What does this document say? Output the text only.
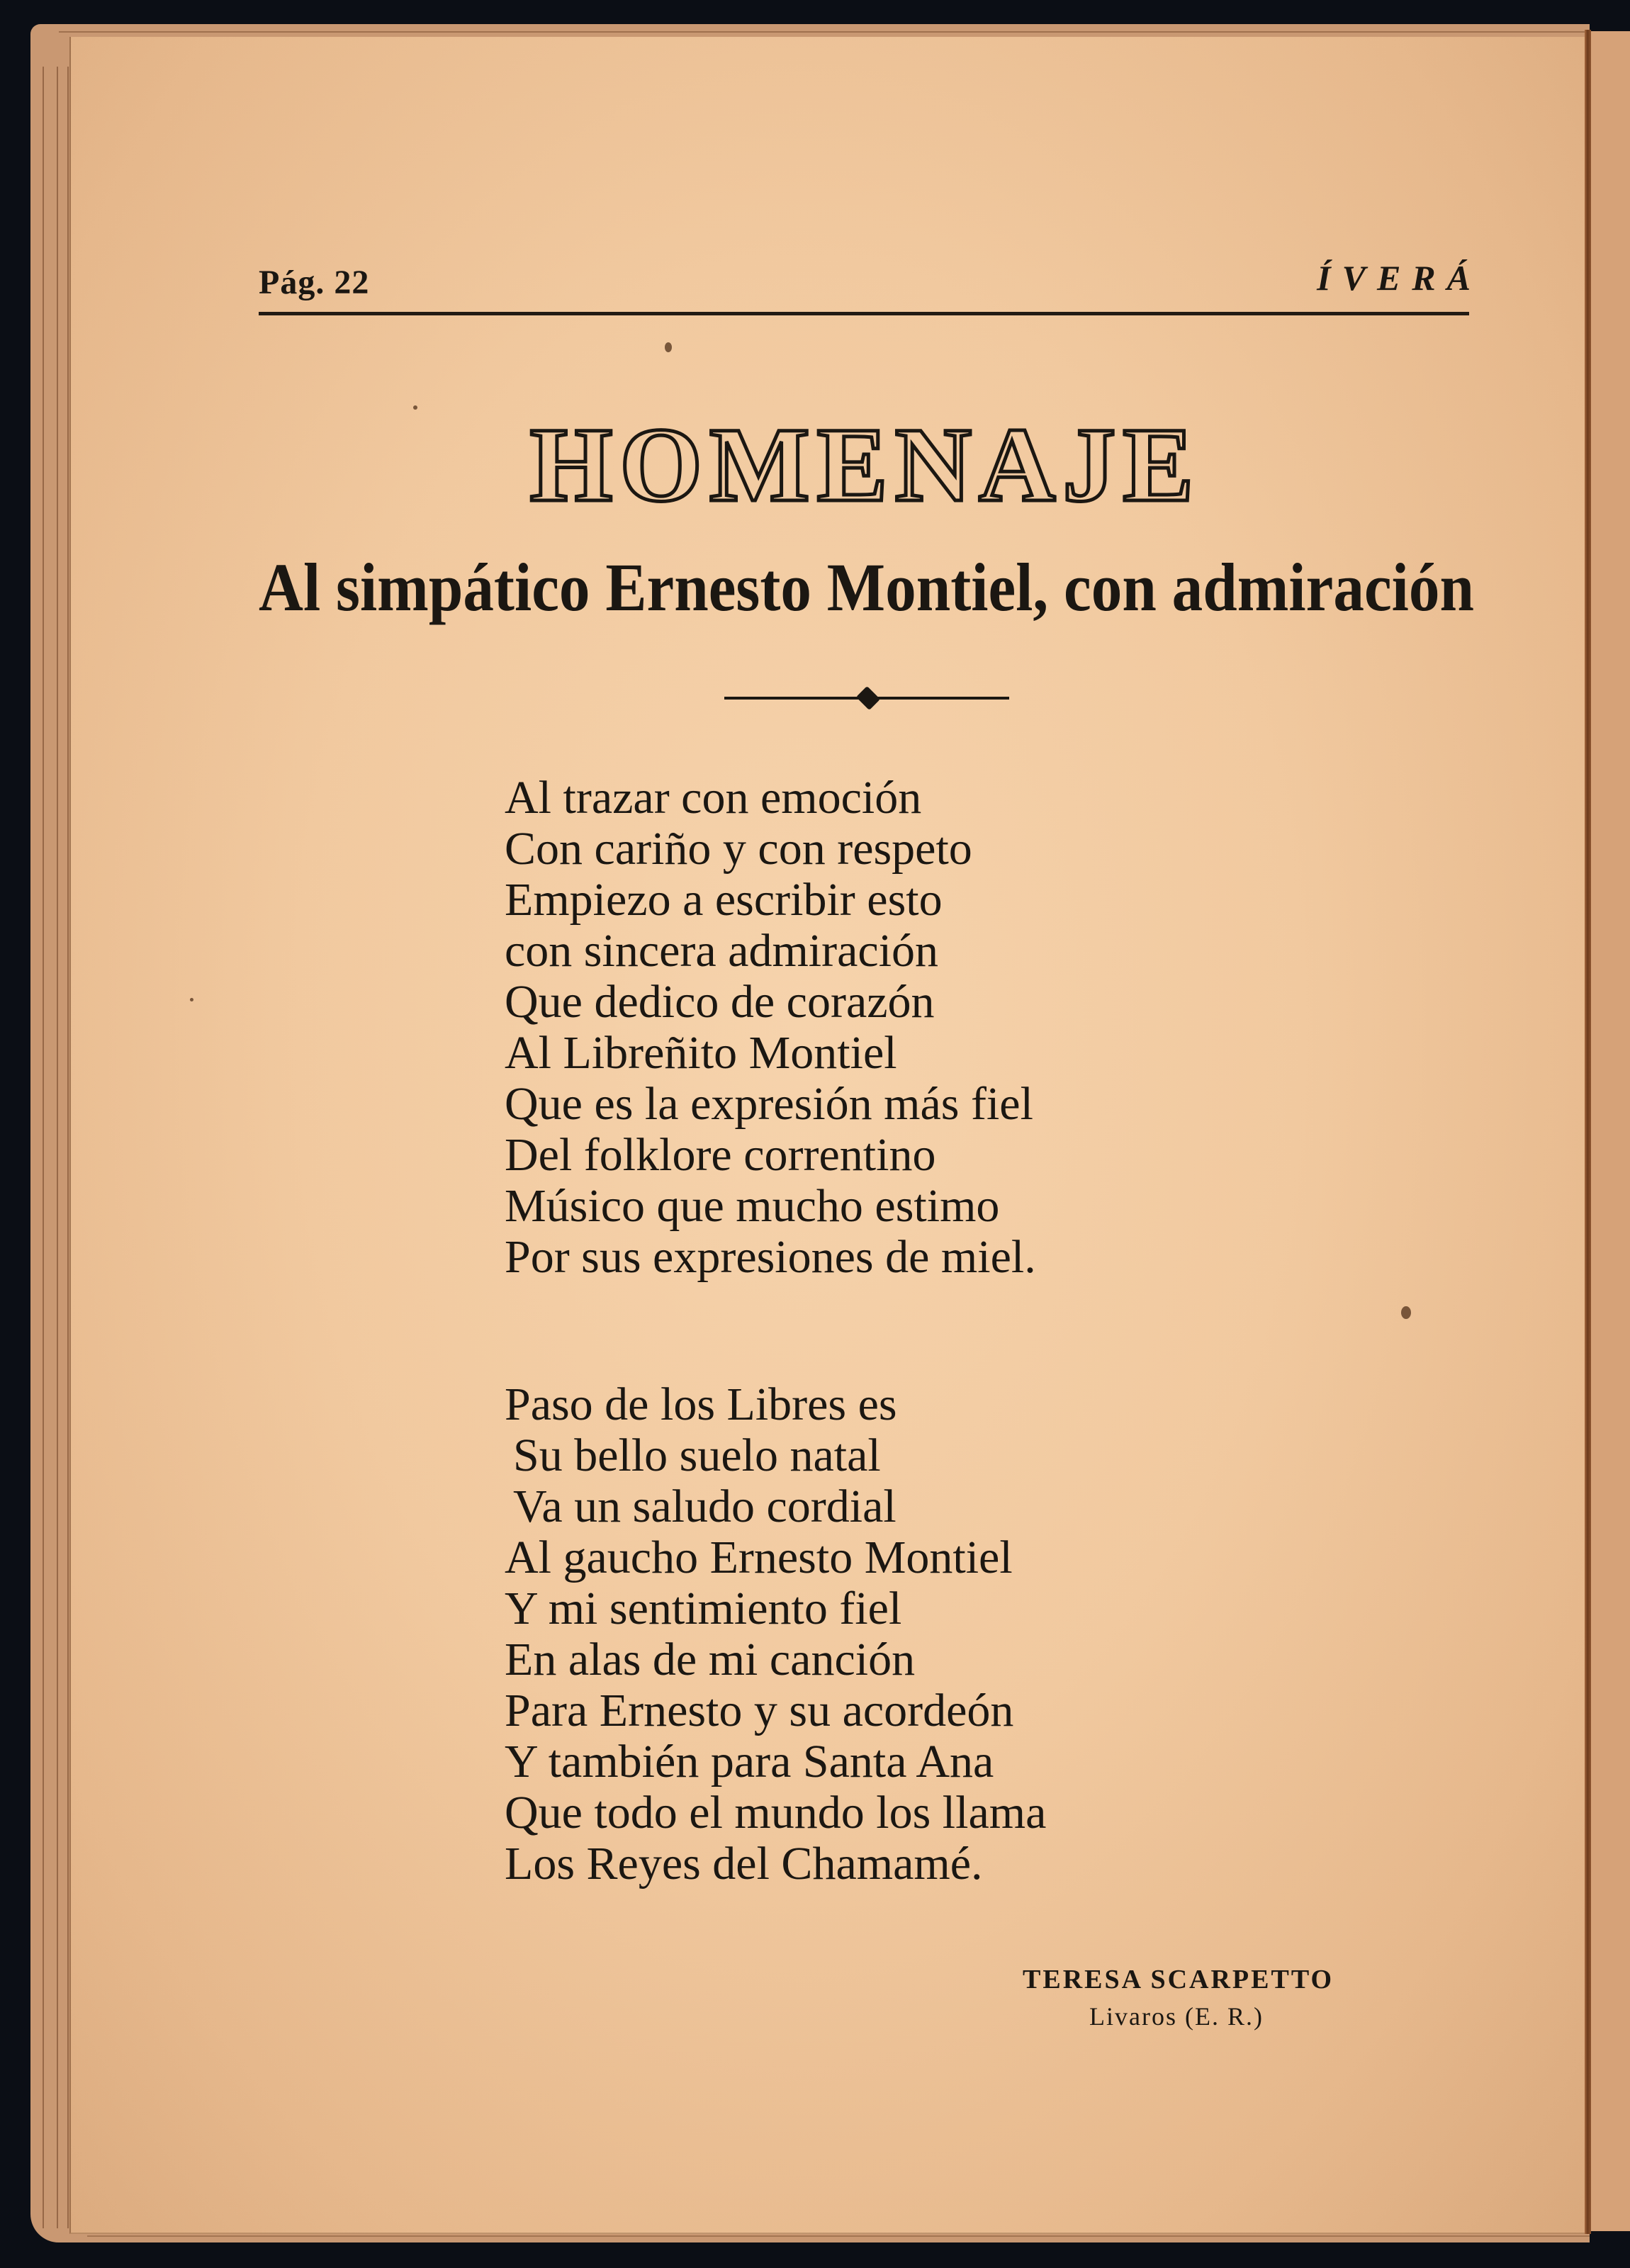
Pág. 22	ÍVERÁ
HOMENAJE
Al simpático Ernesto Montiel, con admiración
Al trazar con emoción
Con cariño y con respeto
Empiezo a escribir esto
con sincera admiración
Que dedico de corazón
Al Libreñito Montiel
Que es la expresión más fiel
Del folklore correntino
Músico que mucho estimo
Por sus expresiones de miel.
Paso de los Libres es
Su bello suelo natal
Va un saludo cordial
Al gaucho Ernesto Montiel
Y mi sentimiento fiel
En alas de mi canción
Para Ernesto y su acordeón
Y también para Santa Ana
Que todo el mundo los llama
Los Reyes del Chamamé.
TERESA SCARPETTO
Livaros (E. R.)
